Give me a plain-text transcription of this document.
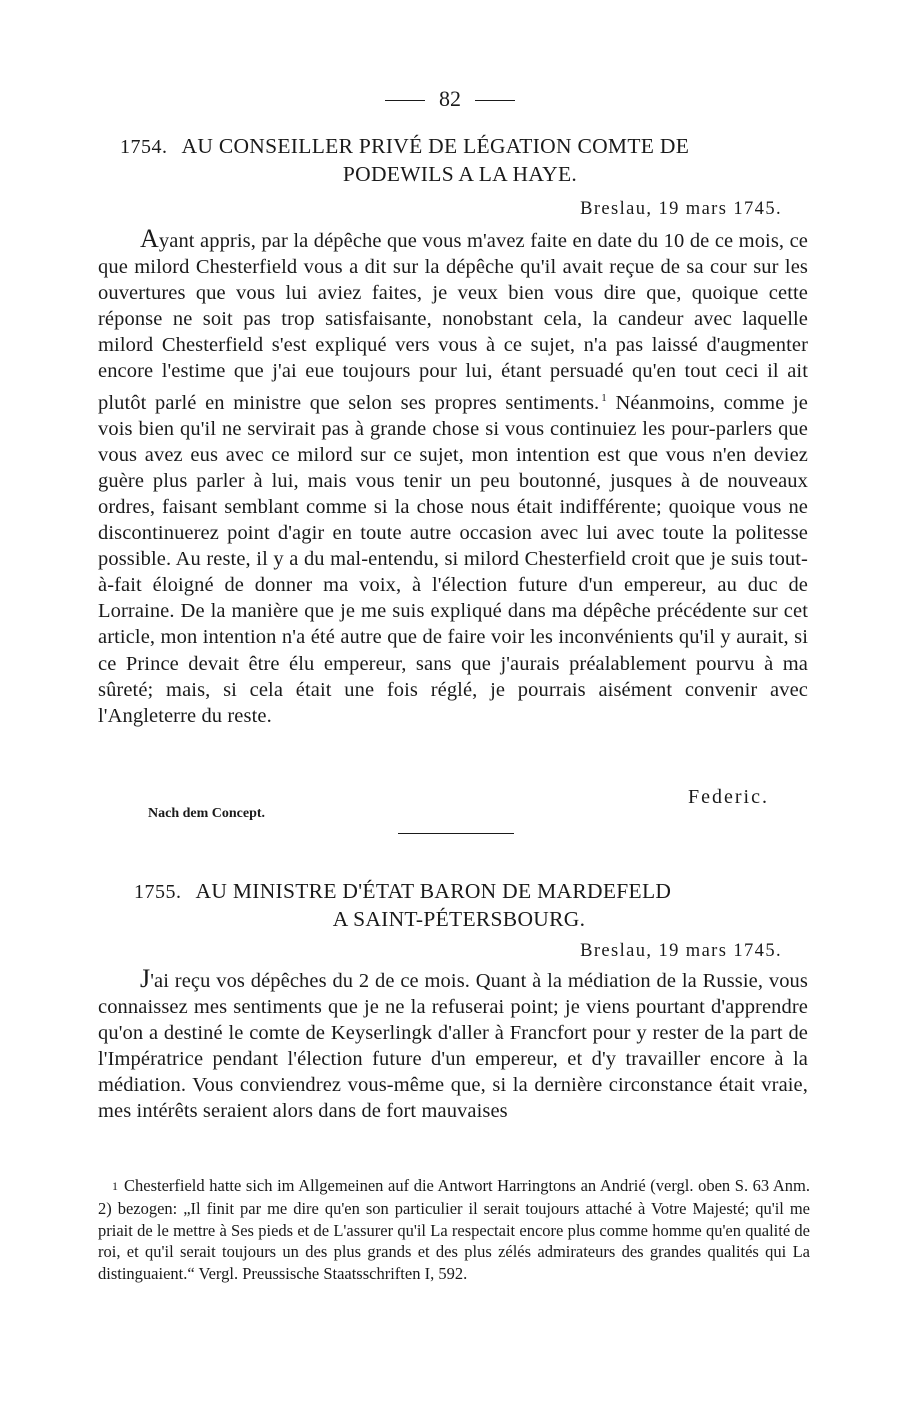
82
1754. AU CONSEILLER PRIVÉ DE LÉGATION COMTE DE
PODEWILS A LA HAYE.
Breslau, 19 mars 1745.
Ayant appris, par la dépêche que vous m'avez faite en date du 10 de ce mois, ce que milord Chesterfield vous a dit sur la dépêche qu'il avait reçue de sa cour sur les ouvertures que vous lui aviez faites, je veux bien vous dire que, quoique cette réponse ne soit pas trop satisfaisante, nonobstant cela, la candeur avec laquelle milord Chesterfield s'est expliqué vers vous à ce sujet, n'a pas laissé d'augmenter encore l'estime que j'ai eue toujours pour lui, étant persuadé qu'en tout ceci il ait plutôt parlé en ministre que selon ses propres sentiments. $^1$ Néanmoins, comme je vois bien qu'il ne servirait pas à grande chose si vous continuiez les pour-parlers que vous avez eus avec ce milord sur ce sujet, mon intention est que vous n'en deviez guère plus parler à lui, mais vous tenir un peu boutonné, jusques à de nouveaux ordres, faisant semblant comme si la chose nous était indifférente; quoique vous ne discontinuerez point d'agir en toute autre occasion avec lui avec toute la politesse possible. Au reste, il y a du mal-entendu, si milord Chesterfield croit que je suis tout-à-fait éloigné de donner ma voix, à l'élection future d'un empereur, au duc de Lorraine. De la manière que je me suis expliqué dans ma dépêche précédente sur cet article, mon intention n'a été autre que de faire voir les inconvénients qu'il y aurait, si ce Prince devait être élu empereur, sans que j'aurais préalablement pourvu à ma sûreté; mais, si cela était une fois réglé, je pourrais aisément convenir avec l'Angleterre du reste.
Federic.
Nach dem Concept.
1755. AU MINISTRE D'ÉTAT BARON DE MARDEFELD
A SAINT-PÉTERSBOURG.
Breslau, 19 mars 1745.
J'ai reçu vos dépêches du 2 de ce mois. Quant à la médiation de la Russie, vous connaissez mes sentiments que je ne la refuserai point; je viens pourtant d'apprendre qu'on a destiné le comte de Keyserlingk d'aller à Francfort pour y rester de la part de l'Impératrice pendant l'élection future d'un empereur, et d'y travailler encore à la médiation. Vous conviendrez vous-même que, si la dernière circonstance était vraie, mes intérêts seraient alors dans de fort mauvaises
1 Chesterfield hatte sich im Allgemeinen auf die Antwort Harringtons an Andrié (vergl. oben S. 63 Anm. 2) bezogen: „Il finit par me dire qu'en son particulier il serait toujours attaché à Votre Majesté; qu'il me priait de le mettre à Ses pieds et de L'assurer qu'il La respectait encore plus comme homme qu'en qualité de roi, et qu'il serait toujours un des plus grands et des plus zélés admirateurs des grandes qualités qui La distinguaient.“ Vergl. Preussische Staatsschriften I, 592.
